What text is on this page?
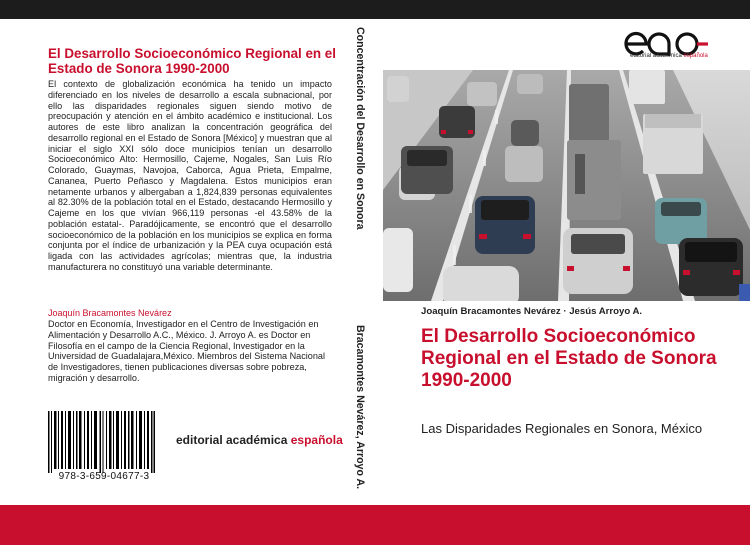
El Desarrollo Socioeconómico Regional en el Estado de Sonora 1990-2000
El contexto de globalización económica ha tenido un impacto diferenciado en los niveles de desarrollo a escala subnacional, por ello las disparidades regionales siguen siendo motivo de preocupación y atención en el ámbito académico e institucional. Los autores de este libro analizan la concentración geográfica del desarrollo regional en el Estado de Sonora [México] y muestran que al iniciar el siglo XXI sólo doce municipios tenían un desarrollo Socioeconómico Alto: Hermosillo, Cajeme, Nogales, San Luis Río Colorado, Guaymas, Navojoa, Caborca, Agua Prieta, Empalme, Cananea, Puerto Peñasco y Magdalena. Estos municipios eran netamente urbanos y albergaban a 1,824,839 personas equivalentes al 82.30% de la población total en el Estado, destacando Hermosillo y Cajeme en los que vivían 966,119 personas -el 43.58% de la población estatal-. Paradójicamente, se encontró que el desarrollo socioeconómico de la población en los municipios se explica en forma conjunta por el índice de urbanización y la PEA cuya ocupación está ligada con las actividades agrícolas; mientras que, la industria manufacturera no constituyó una variable determinante.
Joaquín Bracamontes Nevárez
Doctor en Economía, Investigador en el Centro de Investigación en Alimentación y Desarrollo A.C., México. J. Arroyo A. es Doctor en Filosofía en el campo de la Ciencia Regional, Investigador en la Universidad de Guadalajara,México. Miembros del Sistema Nacional de Investigadores, tienen publicaciones diversas sobre pobreza, migración y desarrollo.
978-3-659-04677-3
editorial académica española
Concentración del Desarrollo en Sonora
Bracamontes Nevárez, Arroyo A.
editorial académica española
Joaquín Bracamontes Nevárez · Jesús Arroyo A.
El Desarrollo Socioeconómico Regional en el Estado de Sonora 1990-2000
Las Disparidades Regionales en Sonora, México
